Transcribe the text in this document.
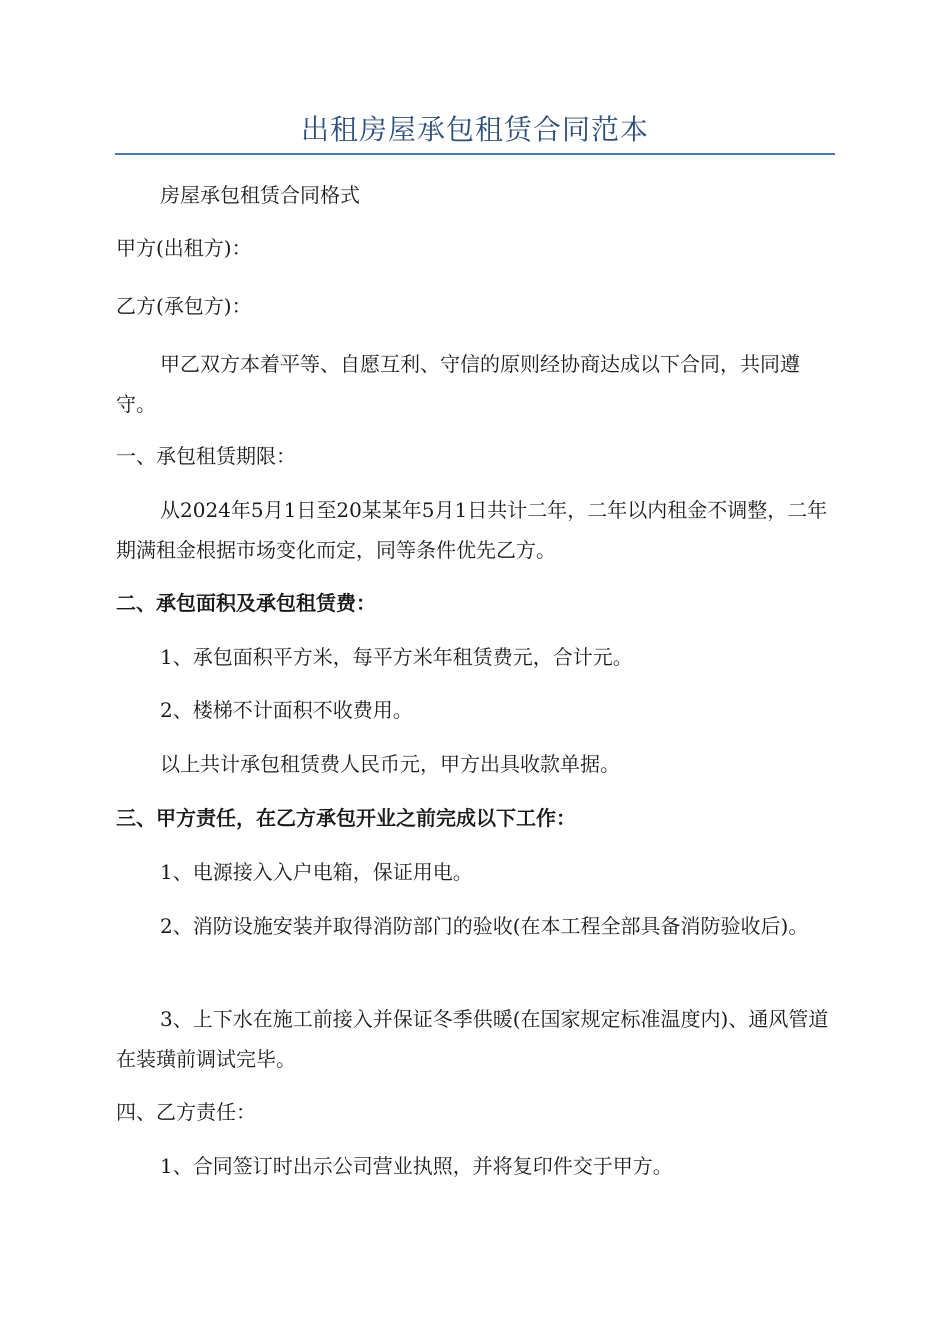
出租房屋承包租赁合同范本

房屋承包租赁合同格式

甲方(出租方)：

乙方(承包方)：

甲乙双方本着平等、自愿互利、守信的原则经协商达成以下合同，共同遵守。

一、承包租赁期限：

从2024年5月1日至20某某年5月1日共计二年，二年以内租金不调整，二年期满租金根据市场变化而定，同等条件优先乙方。

二、承包面积及承包租赁费：

1、承包面积平方米，每平方米年租赁费元，合计元。

2、楼梯不计面积不收费用。

以上共计承包租赁费人民币元，甲方出具收款单据。

三、甲方责任，在乙方承包开业之前完成以下工作：

1、电源接入入户电箱，保证用电。

2、消防设施安装并取得消防部门的验收(在本工程全部具备消防验收后)。

3、上下水在施工前接入并保证冬季供暖(在国家规定标准温度内)、通风管道在装璜前调试完毕。

四、乙方责任：

1、合同签订时出示公司营业执照，并将复印件交于甲方。
